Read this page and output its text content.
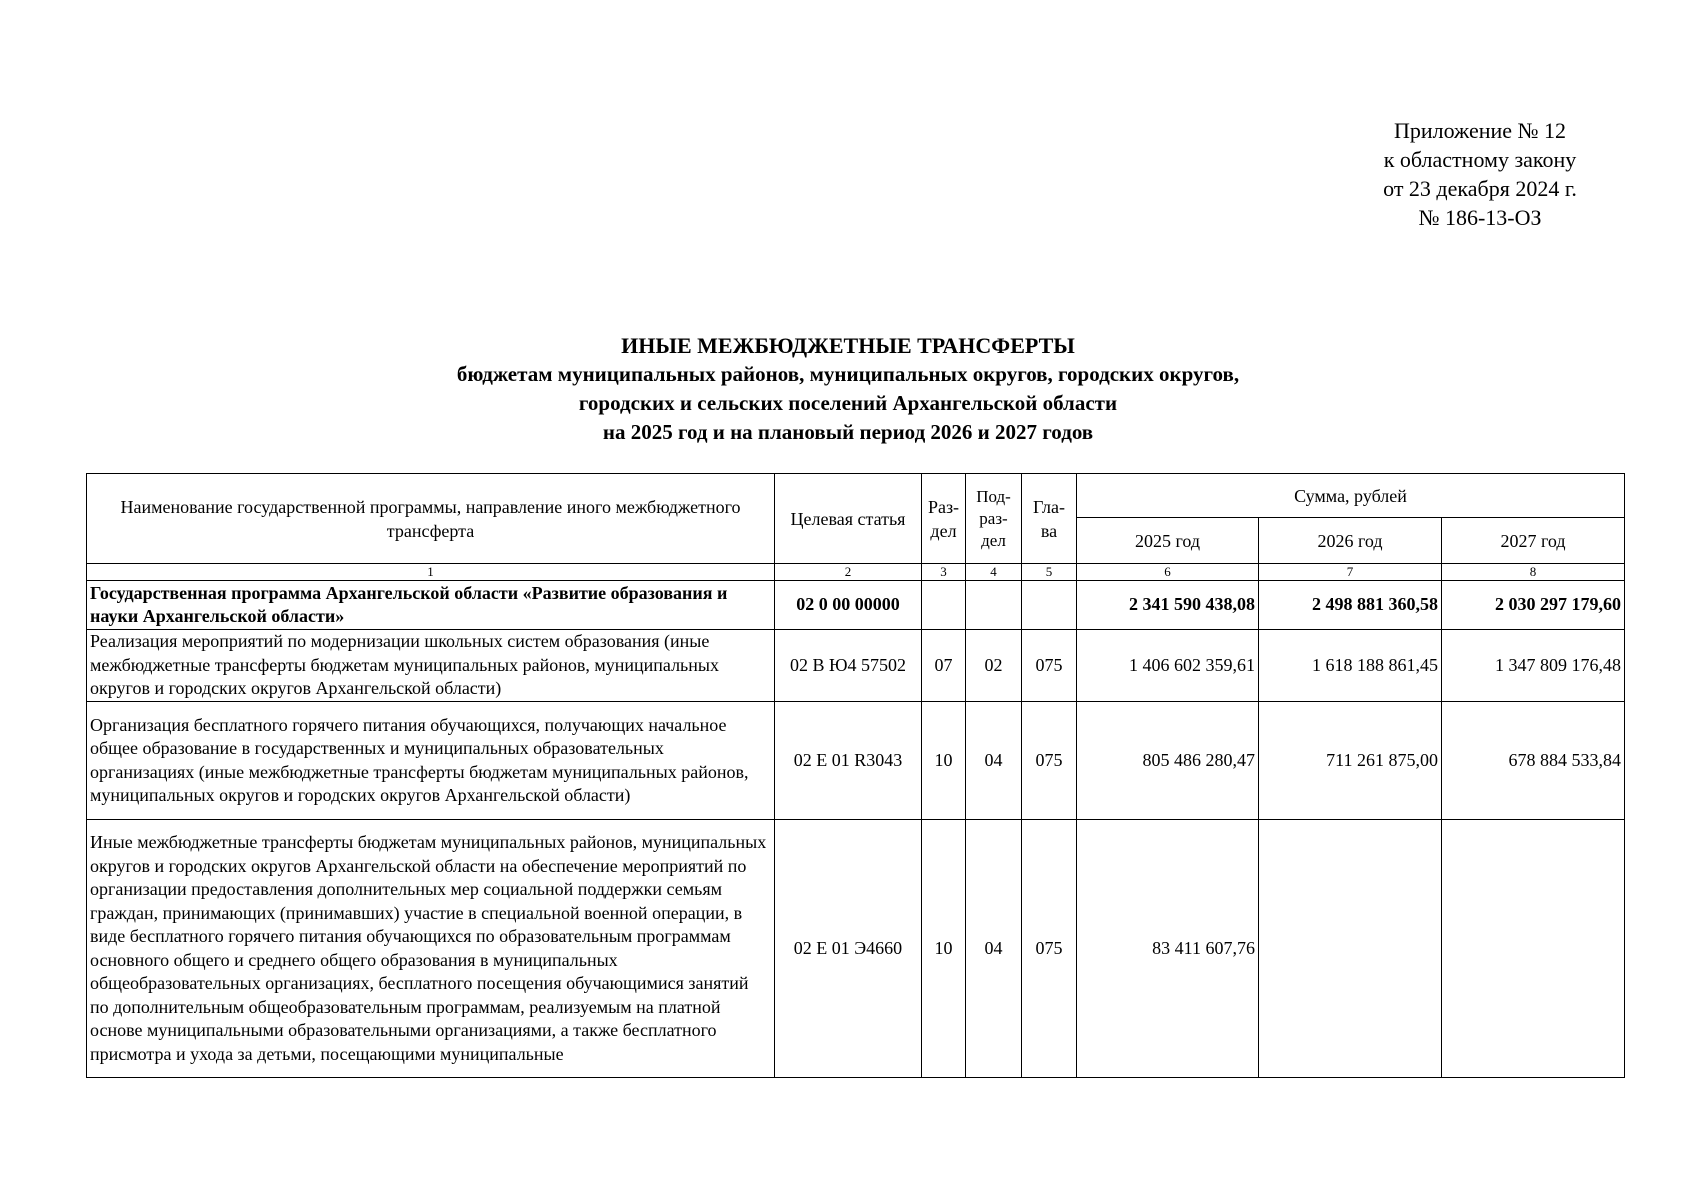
Приложение № 12
к областному закону
от 23 декабря 2024 г.
№ 186-13-ОЗ
ИНЫЕ МЕЖБЮДЖЕТНЫЕ ТРАНСФЕРТЫ
бюджетам муниципальных районов, муниципальных округов, городских округов,
городских и сельских поселений Архангельской области
на 2025 год и на плановый период 2026 и 2027 годов
Наименование государственной программы, направление иного межбюджетного трансферта	Целевая статья	Раз-дел	Под-раз-дел	Гла-ва	Сумма, рублей		
					2025 год	2026 год	2027 год
1	2	3	4	5	6	7	8
Государственная программа Архангельской области «Развитие образования и науки Архангельской области»	02 0 00 00000				2 341 590 438,08	2 498 881 360,58	2 030 297 179,60
Реализация мероприятий по модернизации школьных систем образования (иные межбюджетные трансферты бюджетам муниципальных районов, муниципальных округов и городских округов Архангельской области)	02 В Ю4 57502	07	02	075	1 406 602 359,61	1 618 188 861,45	1 347 809 176,48
Организация бесплатного горячего питания обучающихся, получающих начальное общее образование в государственных и муниципальных образовательных организациях (иные межбюджетные трансферты бюджетам муниципальных районов, муниципальных округов и городских округов Архангельской области)	02 Е 01 R3043	10	04	075	805 486 280,47	711 261 875,00	678 884 533,84
Иные межбюджетные трансферты бюджетам муниципальных районов, муниципальных округов и городских округов Архангельской области на обеспечение мероприятий по организации предоставления дополнительных мер социальной поддержки семьям граждан, принимающих (принимавших) участие в специальной военной операции, в виде бесплатного горячего питания обучающихся по образовательным программам основного общего и среднего общего образования в муниципальных общеобразовательных организациях, бесплатного посещения обучающимися занятий по дополнительным общеобразовательным программам, реализуемым на платной основе муниципальными образовательными организациями, а также бесплатного присмотра и ухода за детьми, посещающими муниципальные	02 Е 01 Э4660	10	04	075	83 411 607,76		
